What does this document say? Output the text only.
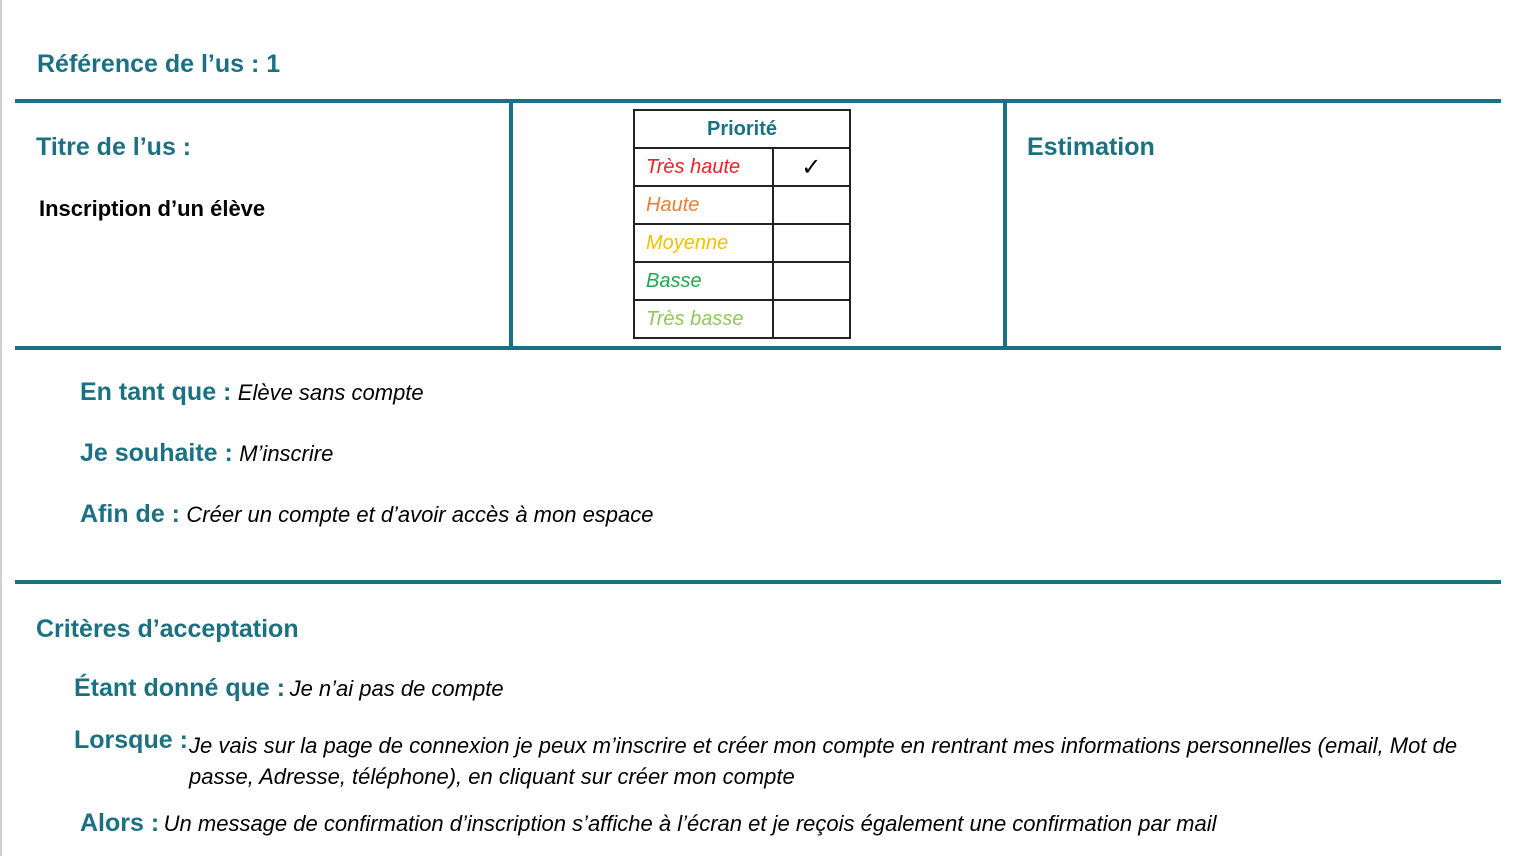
Référence de l’us : 1
Titre de l’us :
Inscription d’un élève
Priorité	
Très haute	✓
Haute	
Moyenne	
Basse	
Très basse	
Estimation
En tant que : Elève sans compte
Je souhaite : M’inscrire
Afin de : Créer un compte et d’avoir accès à mon espace
Critères d’acceptation
Étant donné que : Je n’ai pas de compte
Lorsque : Je vais sur la page de connexion je peux m’inscrire et créer mon compte en rentrant mes informations personnelles (email, Mot de passe, Adresse, téléphone), en cliquant sur créer mon compte
Alors : Un message de confirmation d’inscription s’affiche à l’écran et je reçois également une confirmation par mail
